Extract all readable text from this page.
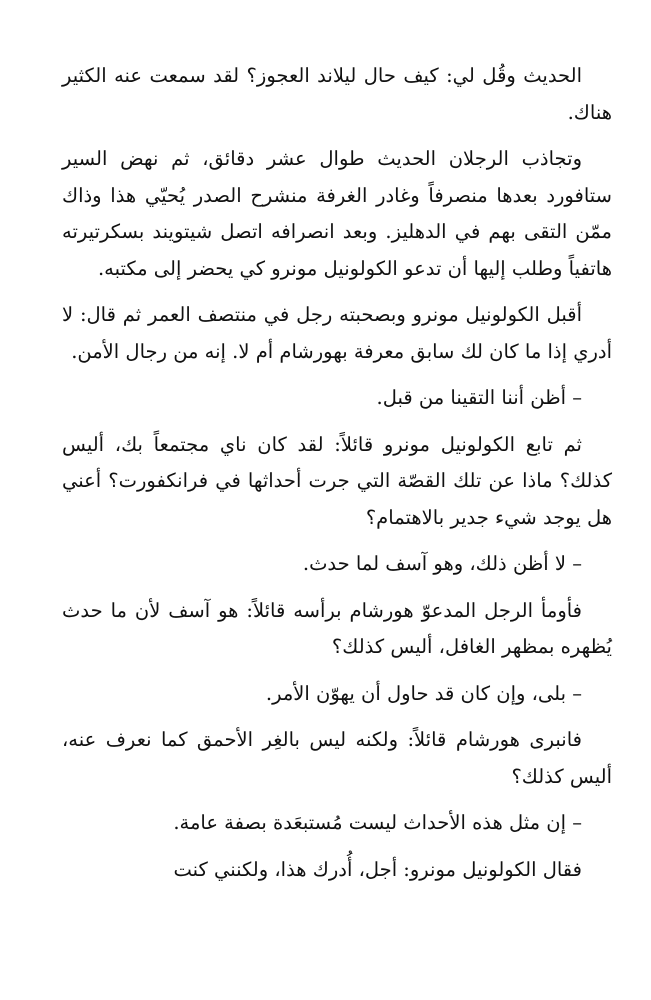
الحديث وقُل لي: كيف حال ليلاند العجوز؟ لقد سمعت عنه الكثير هناك.

وتجاذب الرجلان الحديث طوال عشر دقائق، ثم نهض السير ستافورد بعدها منصرفاً وغادر الغرفة منشرح الصدر يُحيّي هذا وذاك ممّن التقى بهم في الدهليز. وبعد انصرافه اتصل شيتويند بسكرتيرته هاتفياً وطلب إليها أن تدعو الكولونيل مونرو كي يحضر إلى مكتبه.

أقبل الكولونيل مونرو وبصحبته رجل في منتصف العمر ثم قال: لا أدري إذا ما كان لك سابق معرفة بهورشام أم لا. إنه من رجال الأمن.

– أظن أننا التقينا من قبل.

ثم تابع الكولونيل مونرو قائلاً: لقد كان ناي مجتمعاً بك، أليس كذلك؟ ماذا عن تلك القصّة التي جرت أحداثها في فرانكفورت؟ أعني هل يوجد شيء جدير بالاهتمام؟

– لا أظن ذلك، وهو آسف لما حدث.

فأومأ الرجل المدعوّ هورشام برأسه قائلاً: هو آسف لأن ما حدث يُظهره بمظهر الغافل، أليس كذلك؟

– بلى، وإن كان قد حاول أن يهوّن الأمر.

فانبرى هورشام قائلاً: ولكنه ليس بالغِر الأحمق كما نعرف عنه، أليس كذلك؟

– إن مثل هذه الأحداث ليست مُستبعَدة بصفة عامة.

فقال الكولونيل مونرو: أجل، أُدرك هذا، ولكنني كنت
